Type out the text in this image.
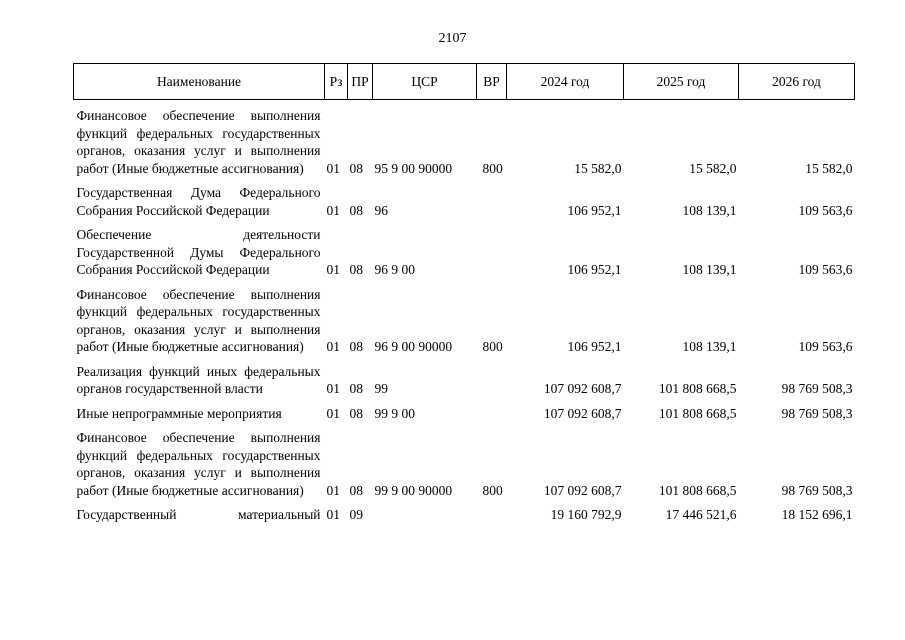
2107
Наименование	Рз	ПР	ЦСР	ВР	2024 год	2025 год	2026 год
Финансовое обеспечение выполнения функций федеральных государственных органов, оказания услуг и выполнения работ (Иные бюджетные ассигнования)	01	08	95 9 00 90000	800	15 582,0	15 582,0	15 582,0
Государственная Дума Федерального Собрания Российской Федерации	01	08	96		106 952,1	108 139,1	109 563,6
Обеспечение деятельности Государственной Думы Федерального Собрания Российской Федерации	01	08	96 9 00		106 952,1	108 139,1	109 563,6
Финансовое обеспечение выполнения функций федеральных государственных органов, оказания услуг и выполнения работ (Иные бюджетные ассигнования)	01	08	96 9 00 90000	800	106 952,1	108 139,1	109 563,6
Реализация функций иных федеральных органов государственной власти	01	08	99		107 092 608,7	101 808 668,5	98 769 508,3
Иные непрограммные мероприятия	01	08	99 9 00		107 092 608,7	101 808 668,5	98 769 508,3
Финансовое обеспечение выполнения функций федеральных государственных органов, оказания услуг и выполнения работ (Иные бюджетные ассигнования)	01	08	99 9 00 90000	800	107 092 608,7	101 808 668,5	98 769 508,3
Государственный материальный	01	09			19 160 792,9	17 446 521,6	18 152 696,1
